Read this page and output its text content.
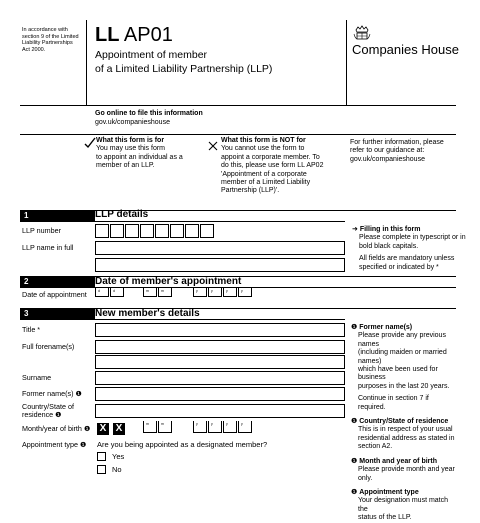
In accordance with
section 9 of the Limited
Liability Partnerships
Act 2000.
LL AP01
Appointment of member
of a Limited Liability Partnership (LLP)
Companies House
Go online to file this information
gov.uk/companieshouse
What this form is for
You may use this form
to appoint an individual as a
member of an LLP.
What this form is NOT for
You cannot use the form to
appoint a corporate member. To
do this, please use form LL AP02
'Appointment of a corporate
member of a Limited Liability
Partnership (LLP)'.
For further information, please
refer to our guidance at:
gov.uk/companieshouse
1	LLP details
LLP number
LLP name in full
➜ Filling in this form
Please complete in typescript or in
bold black capitals.
All fields are mandatory unless
specified or indicated by *
2	Date of member's appointment
Date of appointment	d	d	m	m	y	y	y	y
3	New member's details
Title *
Full forename(s)
Surname
Former name(s) ❶
Country/State of
residence ❶
Month/year of birth ❶ X X	m	m	y	y	y	y
Appointment type ❶ Are you being appointed as a designated member?
Yes
No
❶ Former name(s)
Please provide any previous names
(including maiden or married names)
which have been used for business
purposes in the last 20 years.
Continue in section 7 if required.
❶ Country/State of residence
This is in respect of your usual
residential address as stated in
section A2.
❶ Month and year of birth
Please provide month and year only.
❶ Appointment type
Your designation must match the
status of the LLP.
